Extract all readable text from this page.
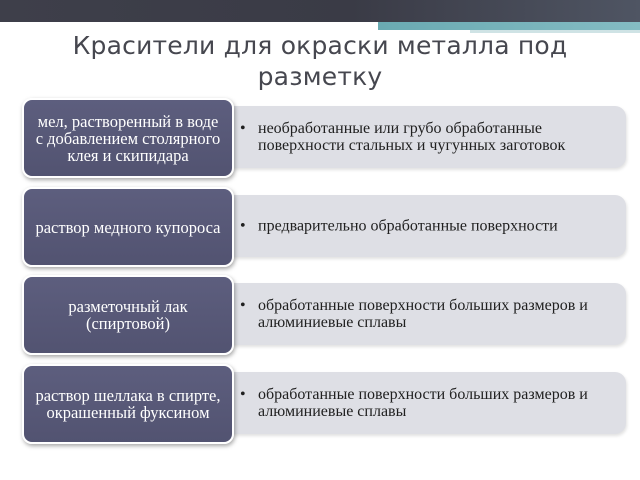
Красители для окраски металла под разметку
• необработанные или грубо обработанные поверхности стальных и чугунных заготовок
мел, растворенный в воде с добавлением столярного клея и скипидара
• предварительно обработанные поверхности
раствор медного купороса
• обработанные поверхности больших размеров и алюминиевые сплавы
разметочный лак (спиртовой)
• обработанные поверхности больших размеров и алюминиевые сплавы
раствор шеллака в спирте, окрашенный фуксином
